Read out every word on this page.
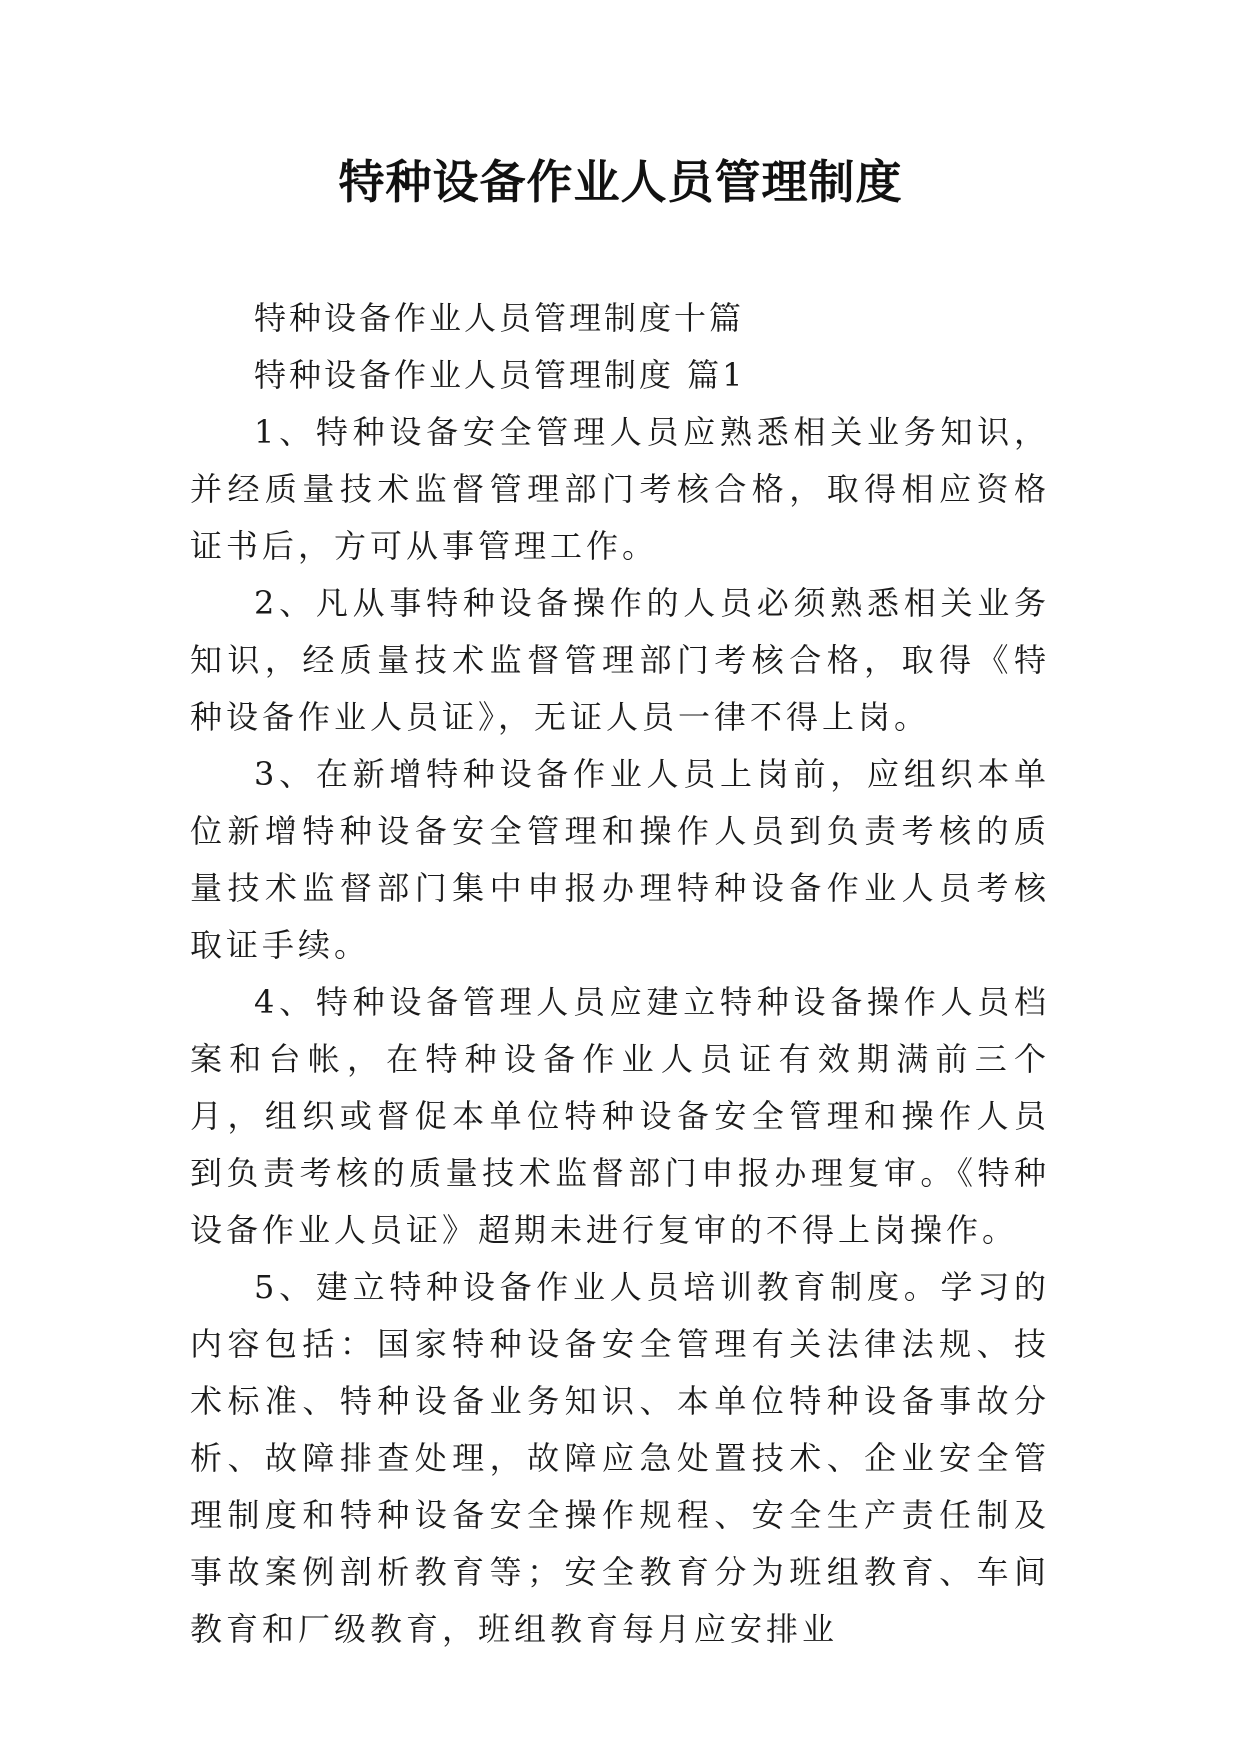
特种设备作业人员管理制度

特种设备作业人员管理制度十篇

特种设备作业人员管理制度 篇1

1、特种设备安全管理人员应熟悉相关业务知识，并经质量技术监督管理部门考核合格，取得相应资格证书后，方可从事管理工作。

2、凡从事特种设备操作的人员必须熟悉相关业务知识，经质量技术监督管理部门考核合格，取得《特种设备作业人员证》，无证人员一律不得上岗。

3、在新增特种设备作业人员上岗前，应组织本单位新增特种设备安全管理和操作人员到负责考核的质量技术监督部门集中申报办理特种设备作业人员考核取证手续。

4、特种设备管理人员应建立特种设备操作人员档案和台帐，在特种设备作业人员证有效期满前三个月，组织或督促本单位特种设备安全管理和操作人员到负责考核的质量技术监督部门申报办理复审。《特种设备作业人员证》超期未进行复审的不得上岗操作。

5、建立特种设备作业人员培训教育制度。学习的内容包括：国家特种设备安全管理有关法律法规、技术标准、特种设备业务知识、本单位特种设备事故分析、故障排查处理，故障应急处置技术、企业安全管理制度和特种设备安全操作规程、安全生产责任制及事故案例剖析教育等；安全教育分为班组教育、车间教育和厂级教育，班组教育每月应安排业
